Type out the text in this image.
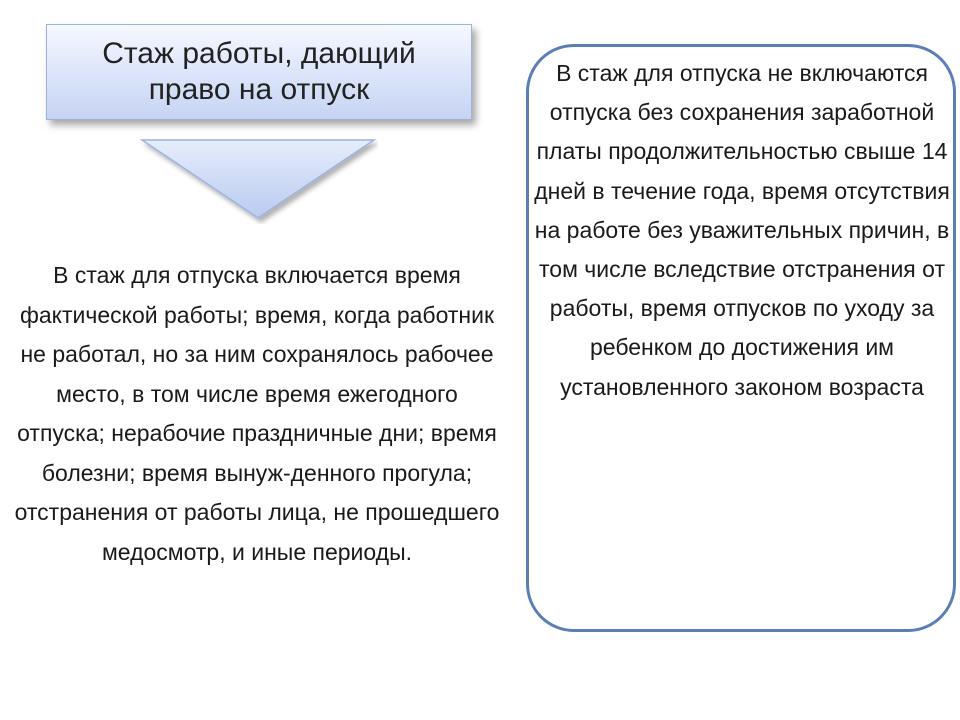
Стаж работы, дающий право на отпуск
В стаж для отпуска включается время фактической работы; время, когда работник не работал, но за ним сохранялось рабочее место, в том числе время ежегодного отпуска; нерабочие праздничные дни; время болезни; время вынуж-денного прогула; отстранения от работы лица, не прошедшего медосмотр, и иные периоды.
В стаж для отпуска не включаются отпуска без сохранения заработной платы продолжительностью свыше 14 дней в течение года, время отсутствия на работе без уважительных причин, в том числе вследствие отстранения от работы, время отпусков по уходу за ребенком до достижения им установленного законом возраста
